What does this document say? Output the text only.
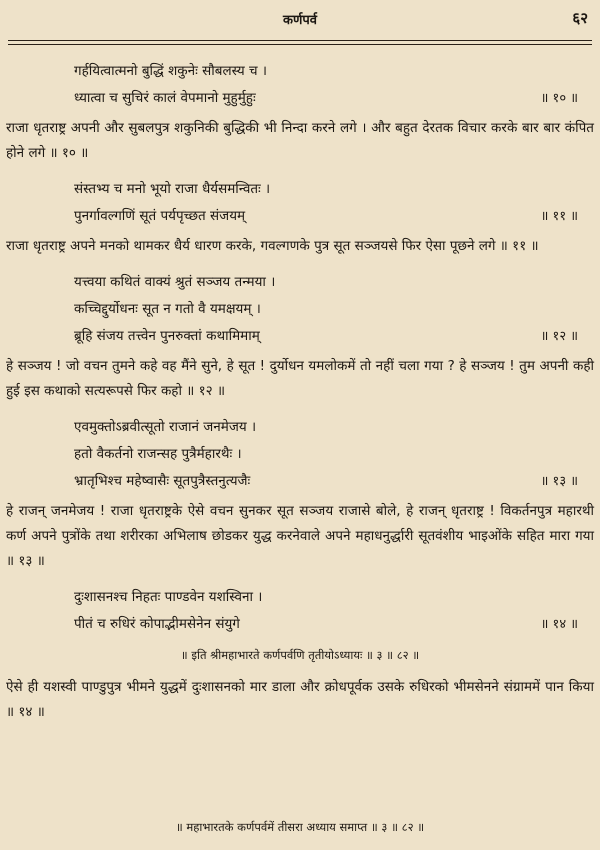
कर्णपर्व	६२
गर्हयित्वात्मनो बुद्धिं शकुनेः सौबलस्य च ।
ध्यात्वा च सुचिरं कालं वेपमानो मुहुर्मुहुः	॥ १० ॥
राजा धृतराष्ट्र अपनी और सुबलपुत्र शकुनिकी बुद्धिकी भी निन्दा करने लगे । और बहुत देरतक विचार करके बार बार कंपित होने लगे ॥ १० ॥
संस्तभ्य च मनो भूयो राजा धैर्यसमन्वितः ।
पुनर्गावल्गणिं सूतं पर्यपृच्छत संजयम्	॥ ११ ॥
राजा धृतराष्ट्र अपने मनको थामकर धैर्य धारण करके, गवल्गणके पुत्र सूत सञ्जयसे फिर ऐसा पूछने लगे ॥ ११ ॥
यत्त्वया कथितं वाक्यं श्रुतं सञ्जय तन्मया ।
कच्चिद्दुर्योधनः सूत न गतो वै यमक्षयम् ।
ब्रूहि संजय तत्त्वेन पुनरुक्तां कथामिमाम्	॥ १२ ॥
हे सञ्जय ! जो वचन तुमने कहे वह मैंने सुने, हे सूत ! दुर्योधन यमलोकमें तो नहीं चला गया ? हे सञ्जय ! तुम अपनी कही हुई इस कथाको सत्यरूपसे फिर कहो ॥ १२ ॥
एवमुक्तोऽब्रवीत्सूतो राजानं जनमेजय ।
हतो वैकर्तनो राजन्सह पुत्रैर्महारथैः ।
भ्रातृभिश्च महेष्वासैः सूतपुत्रैस्तनुत्यजैः	॥ १३ ॥
हे राजन् जनमेजय ! राजा धृतराष्ट्रके ऐसे वचन सुनकर सूत सञ्जय राजासे बोले, हे राजन् धृतराष्ट्र ! विकर्तनपुत्र महारथी कर्ण अपने पुत्रोंके तथा शरीरका अभिलाष छोडकर युद्ध करनेवाले अपने महाधनुर्द्धारी सूतवंशीय भाइओंके सहित मारा गया ॥ १३ ॥
दुःशासनश्च निहतः पाण्डवेन यशस्विना ।
पीतं च रुधिरं कोपाद्भीमसेनेन संयुगे	॥ १४ ॥
॥ इति श्रीमहाभारते कर्णपर्वणि तृतीयोऽध्यायः ॥ ३ ॥ ८२ ॥
ऐसे ही यशस्वी पाण्डुपुत्र भीमने युद्धमें दुःशासनको मार डाला और क्रोधपूर्वक उसके रुधिरको भीमसेनने संग्राममें पान किया ॥ १४ ॥
॥ महाभारतके कर्णपर्वमें तीसरा अध्याय समाप्त ॥ ३ ॥ ८२ ॥
